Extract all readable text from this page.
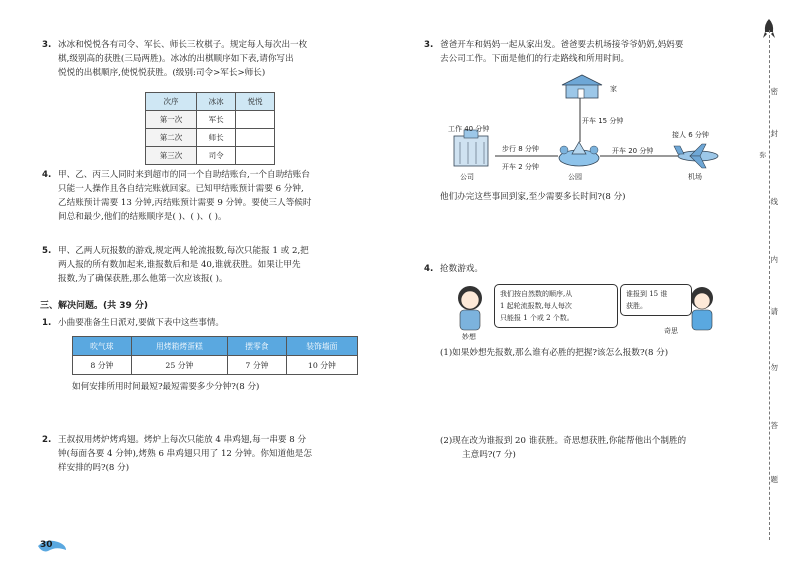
3. 冰冰和悦悦各有司令、军长、师长三枚棋子。规定每人每次出一枚

棋,级别高的获胜(三局两胜)。冰冰的出棋顺序如下表,请你写出

悦悦的出棋顺序,使悦悦获胜。(级别:司令>军长>师长)

次序	冰冰	悦悦
第一次	军长	
第二次	师长	
第三次	司令	
4. 甲、乙、丙三人同时来到超市的同一个自助结账台,一个自助结账台

只能一人操作且各自结完账就回家。已知甲结账预计需要 6 分钟,

乙结账预计需要 13 分钟,丙结账预计需要 9 分钟。要使三人等候时

间总和最少,他们的结账顺序是( )、( )、( )。

5. 甲、乙两人玩报数的游戏,规定两人轮流报数,每次只能报 1 或 2,把

两人报的所有数加起来,谁报数后和是 40,谁就获胜。如果让甲先

报数,为了确保获胜,那么他第一次应该报( )。

三、解决问题。(共 39 分)
1. 小曲要准备生日派对,要做下表中这些事情。

吹气球	用烤箱烤蛋糕	摆零食	装饰墙面
8 分钟	25 分钟	7 分钟	10 分钟

如何安排所用时间最短?最短需要多少分钟?(8 分)

2. 王叔叔用烤炉烤鸡翅。烤炉上每次只能放 4 串鸡翅,每一串要 8 分

钟(每面各要 4 分钟),烤熟 6 串鸡翅只用了 12 分钟。你知道他是怎

样安排的吗?(8 分)

30
3. 爸爸开车和妈妈一起从家出发。爸爸要去机场接爷爷奶奶,妈妈要

去公司工作。下面是他们的行走路线和所用时间。

家
开车 15 分钟
工作 40 分钟
步行 8 分钟
开车 2 分钟
开车 20 分钟
接人 6 分钟
公司	公园	机场

他们办完这些事回到家,至少需要多长时间?(8 分)

4. 抢数游戏。

妙想
我们按自然数的顺序,从
1 起轮流报数,每人每次
只能报 1 个或 2 个数。
谁报到 15 谁
获胜。
奇思

(1)如果妙想先报数,那么谁有必胜的把握?该怎么报数?(8 分)

(2)现在改为谁报到 20 谁获胜。奇思想获胜,你能帮他出个制胜的

主意吗?(7 分)

密
封
弥
线
内
请
勿
答
题
